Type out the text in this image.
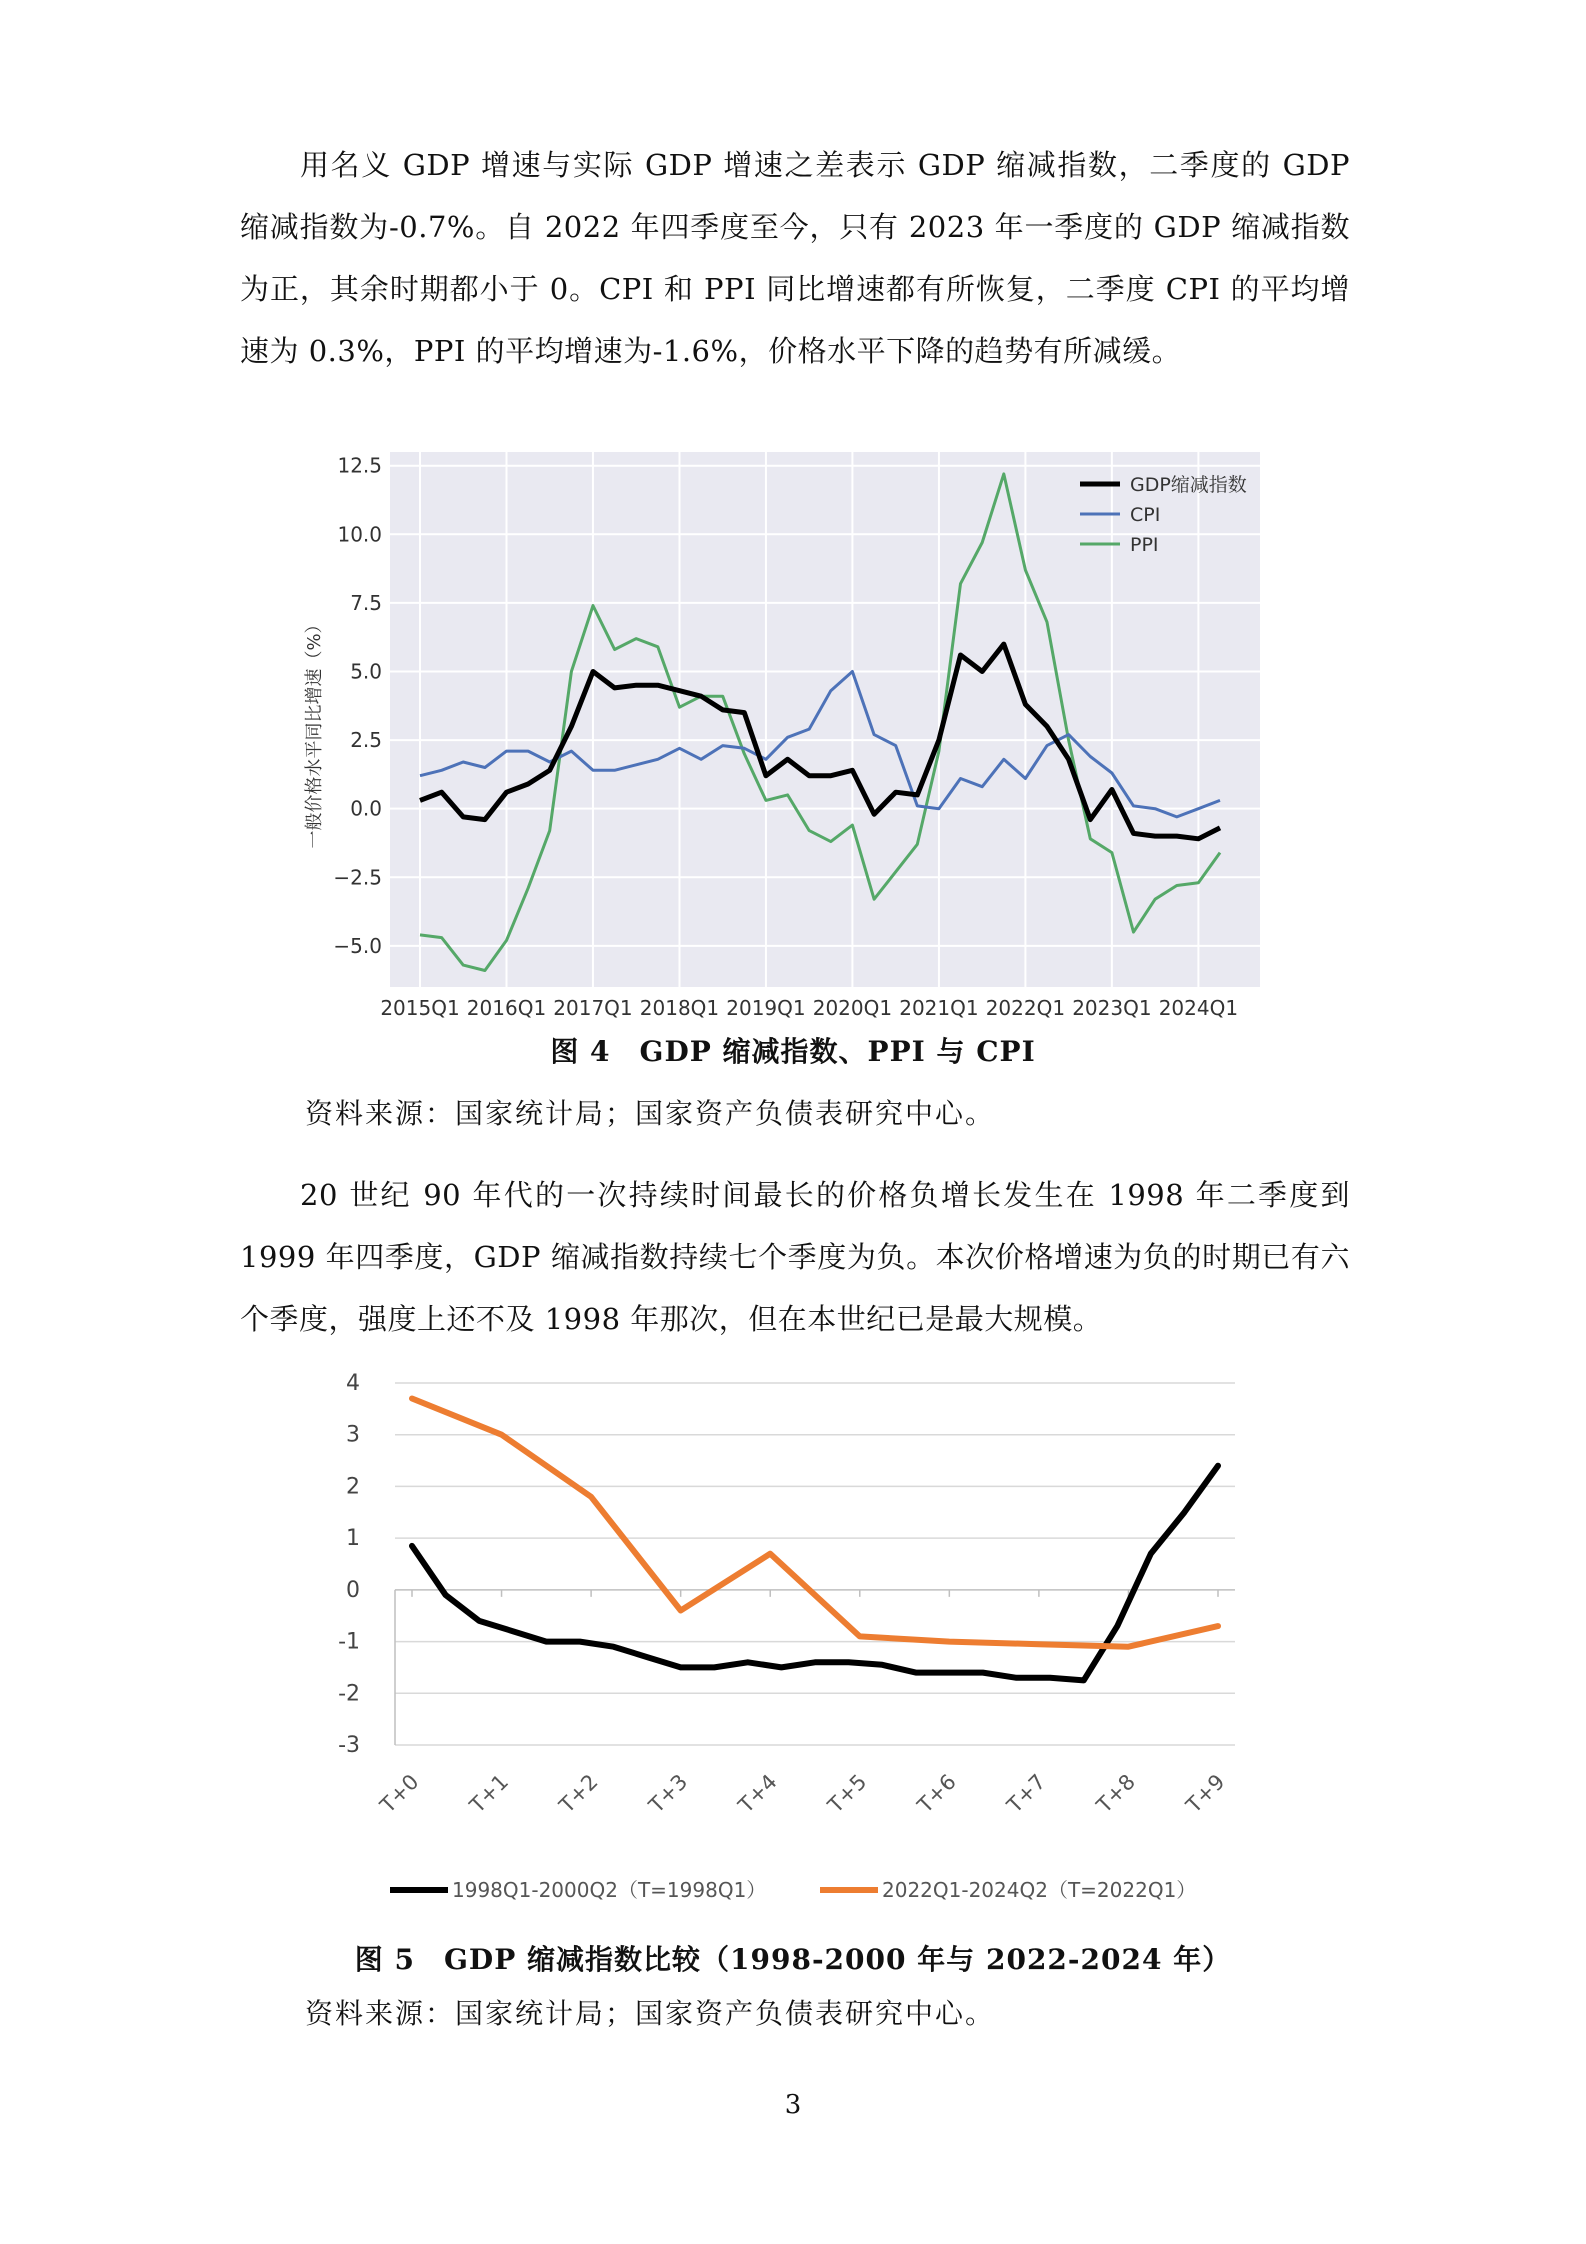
用名义 GDP 增速与实际 GDP 增速之差表示 GDP 缩减指数，二季度的 GDP 缩减指数为-0.7%。自 2022 年四季度至今，只有 2023 年一季度的 GDP 缩减指数为正，其余时期都小于 0。CPI 和 PPI 同比增速都有所恢复，二季度 CPI 的平均增速为 0.3%，PPI 的平均增速为-1.6%，价格水平下降的趋势有所减缓。
12.5
10.0
7.5
5.0
2.5
0.0
−2.5
−5.0
2015Q1 2016Q1 2017Q1 2018Q1 2019Q1 2020Q1 2021Q1 2022Q1 2023Q1 2024Q1
一般价格水平同比增速（%）
GDP缩减指数
CPI
PPI
图 4　GDP 缩减指数、PPI 与 CPI
资料来源：国家统计局；国家资产负债表研究中心。
20 世纪 90 年代的一次持续时间最长的价格负增长发生在 1998 年二季度到 1999 年四季度，GDP 缩减指数持续七个季度为负。本次价格增速为负的时期已有六个季度，强度上还不及 1998 年那次，但在本世纪已是最大规模。
4
3
2
1
0
-1
-2
-3
T+0 T+1 T+2 T+3 T+4 T+5 T+6 T+7 T+8 T+9
1998Q1-2000Q2（T=1998Q1）	2022Q1-2024Q2（T=2022Q1）
图 5　GDP 缩减指数比较（1998-2000 年与 2022-2024 年）
资料来源：国家统计局；国家资产负债表研究中心。
3
